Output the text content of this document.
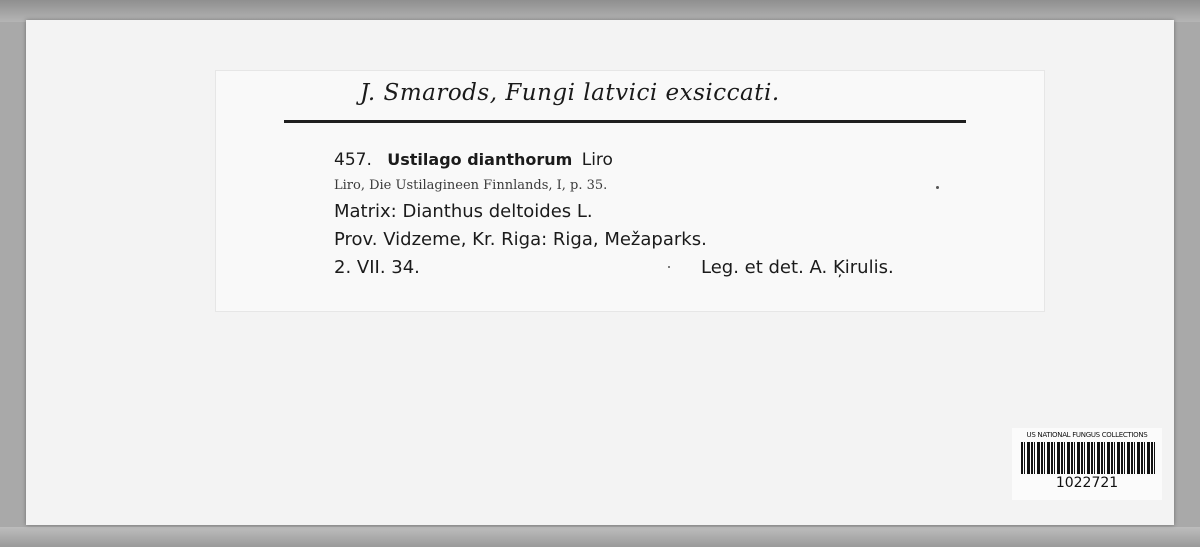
J. Smarods, Fungi latvici exsiccati.
457. Ustilago dianthorum Liro
Liro, Die Ustilagineen Finnlands, I, p. 35.
Matrix: Dianthus deltoides L.
Prov. Vidzeme, Kr. Riga: Riga, Mežaparks.
2. VII. 34.	Leg. et det. A. Ķirulis.
US NATIONAL FUNGUS COLLECTIONS
1022721
